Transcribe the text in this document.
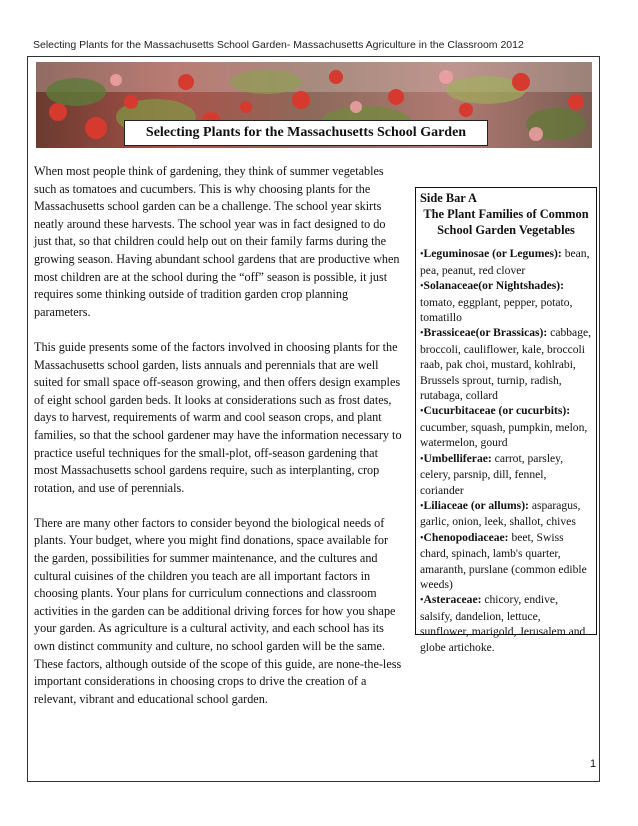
Selecting Plants for the Massachusetts School Garden- Massachusetts Agriculture in the Classroom 2012
Selecting Plants for the Massachusetts School Garden

When most people think of gardening, they think of summer vegetables such as tomatoes and cucumbers. This is why choosing plants for the Massachusetts school garden can be a challenge. The school year skirts neatly around these harvests. The school year was in fact designed to do just that, so that children could help out on their family farms during the growing season. Having abundant school gardens that are productive when most children are at the school during the “off” season is possible, it just requires some thinking outside of tradition garden crop planning parameters.

This guide presents some of the factors involved in choosing plants for the Massachusetts school garden, lists annuals and perennials that are well suited for small space off-season growing, and then offers design examples of eight school garden beds. It looks at considerations such as frost dates, days to harvest, requirements of warm and cool season crops, and plant families, so that the school gardener may have the information necessary to practice useful techniques for the small-plot, off-season gardening that most Massachusetts school gardens require, such as interplanting, crop rotation, and use of perennials.

There are many other factors to consider beyond the biological needs of plants. Your budget, where you might find donations, space available for the garden, possibilities for summer maintenance, and the cultures and cultural cuisines of the children you teach are all important factors in choosing plants. Your plans for curriculum connections and classroom activities in the garden can be additional driving forces for how you shape your garden. As agriculture is a cultural activity, and each school has its own distinct community and culture, no school garden will be the same. These factors, although outside of the scope of this guide, are none-the-less important considerations in choosing crops to drive the creation of a relevant, vibrant and educational school garden.

Side Bar A
The Plant Families of Common School Garden Vegetables
•Leguminosae (or Legumes): bean, pea, peanut, red clover
•Solanaceae(or Nightshades): tomato, eggplant, pepper, potato, tomatillo
•Brassiceae(or Brassicas): cabbage, broccoli, cauliflower, kale, broccoli raab, pak choi, mustard, kohlrabi, Brussels sprout, turnip, radish, rutabaga, collard
•Cucurbitaceae (or cucurbits): cucumber, squash, pumpkin, melon, watermelon, gourd
•Umbelliferae: carrot, parsley, celery, parsnip, dill, fennel, coriander
•Liliaceae (or allums): asparagus, garlic, onion, leek, shallot, chives
•Chenopodiaceae: beet, Swiss chard, spinach, lamb's quarter, amaranth, purslane (common edible weeds)
•Asteraceae: chicory, endive, salsify, dandelion, lettuce, sunflower, marigold, Jerusalem and globe artichoke.
1
